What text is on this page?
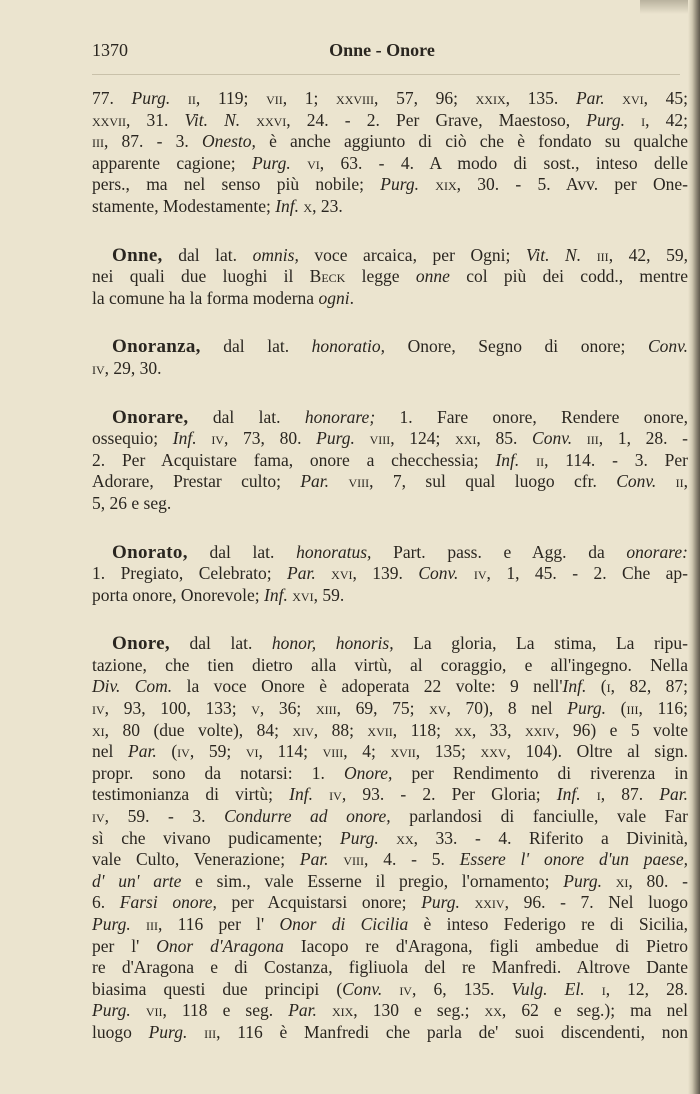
1370	Onne - Onore
77. Purg. ii, 119; vii, 1; xxviii, 57, 96; xxix, 135. Par. xvi, 45;
xxvii, 31. Vit. N. xxvi, 24. - 2. Per Grave, Maestoso, Purg. i, 42;
iii, 87. - 3. Onesto, è anche aggiunto di ciò che è fondato su qualche
apparente cagione; Purg. vi, 63. - 4. A modo di sost., inteso delle
pers., ma nel senso più nobile; Purg. xix, 30. - 5. Avv. per One-
stamente, Modestamente; Inf. x, 23.
Onne, dal lat. omnis, voce arcaica, per Ogni; Vit. N. iii, 42, 59,
nei quali due luoghi il Beck legge onne col più dei codd., mentre
la comune ha la forma moderna ogni.
Onoranza, dal lat. honoratio, Onore, Segno di onore; Conv.
iv, 29, 30.
Onorare, dal lat. honorare; 1. Fare onore, Rendere onore,
ossequio; Inf. iv, 73, 80. Purg. viii, 124; xxi, 85. Conv. iii, 1, 28. -
2. Per Acquistare fama, onore a checchessia; Inf. ii, 114. - 3. Per
Adorare, Prestar culto; Par. viii, 7, sul qual luogo cfr. Conv. ii,
5, 26 e seg.
Onorato, dal lat. honoratus, Part. pass. e Agg. da onorare:
1. Pregiato, Celebrato; Par. xvi, 139. Conv. iv, 1, 45. - 2. Che ap-
porta onore, Onorevole; Inf. xvi, 59.
Onore, dal lat. honor, honoris, La gloria, La stima, La ripu-
tazione, che tien dietro alla virtù, al coraggio, e all'ingegno. Nella
Div. Com. la voce Onore è adoperata 22 volte: 9 nell'Inf. (i, 82, 87;
iv, 93, 100, 133; v, 36; xiii, 69, 75; xv, 70), 8 nel Purg. (iii, 116;
xi, 80 (due volte), 84; xiv, 88; xvii, 118; xx, 33, xxiv, 96) e 5 volte
nel Par. (iv, 59; vi, 114; viii, 4; xvii, 135; xxv, 104). Oltre al sign.
propr. sono da notarsi: 1. Onore, per Rendimento di riverenza in
testimonianza di virtù; Inf. iv, 93. - 2. Per Gloria; Inf. i, 87. Par.
iv, 59. - 3. Condurre ad onore, parlandosi di fanciulle, vale Far
sì che vivano pudicamente; Purg. xx, 33. - 4. Riferito a Divinità,
vale Culto, Venerazione; Par. viii, 4. - 5. Essere l' onore d'un paese,
d' un' arte e sim., vale Esserne il pregio, l'ornamento; Purg. xi, 80. -
6. Farsi onore, per Acquistarsi onore; Purg. xxiv, 96. - 7. Nel luogo
Purg. iii, 116 per l' Onor di Cicilia è inteso Federigo re di Sicilia,
per l' Onor d'Aragona Iacopo re d'Aragona, figli ambedue di Pietro
re d'Aragona e di Costanza, figliuola del re Manfredi. Altrove Dante
biasima questi due principi (Conv. iv, 6, 135. Vulg. El. i, 12, 28.
Purg. vii, 118 e seg. Par. xix, 130 e seg.; xx, 62 e seg.); ma nel
luogo Purg. iii, 116 è Manfredi che parla de' suoi discendenti, non
